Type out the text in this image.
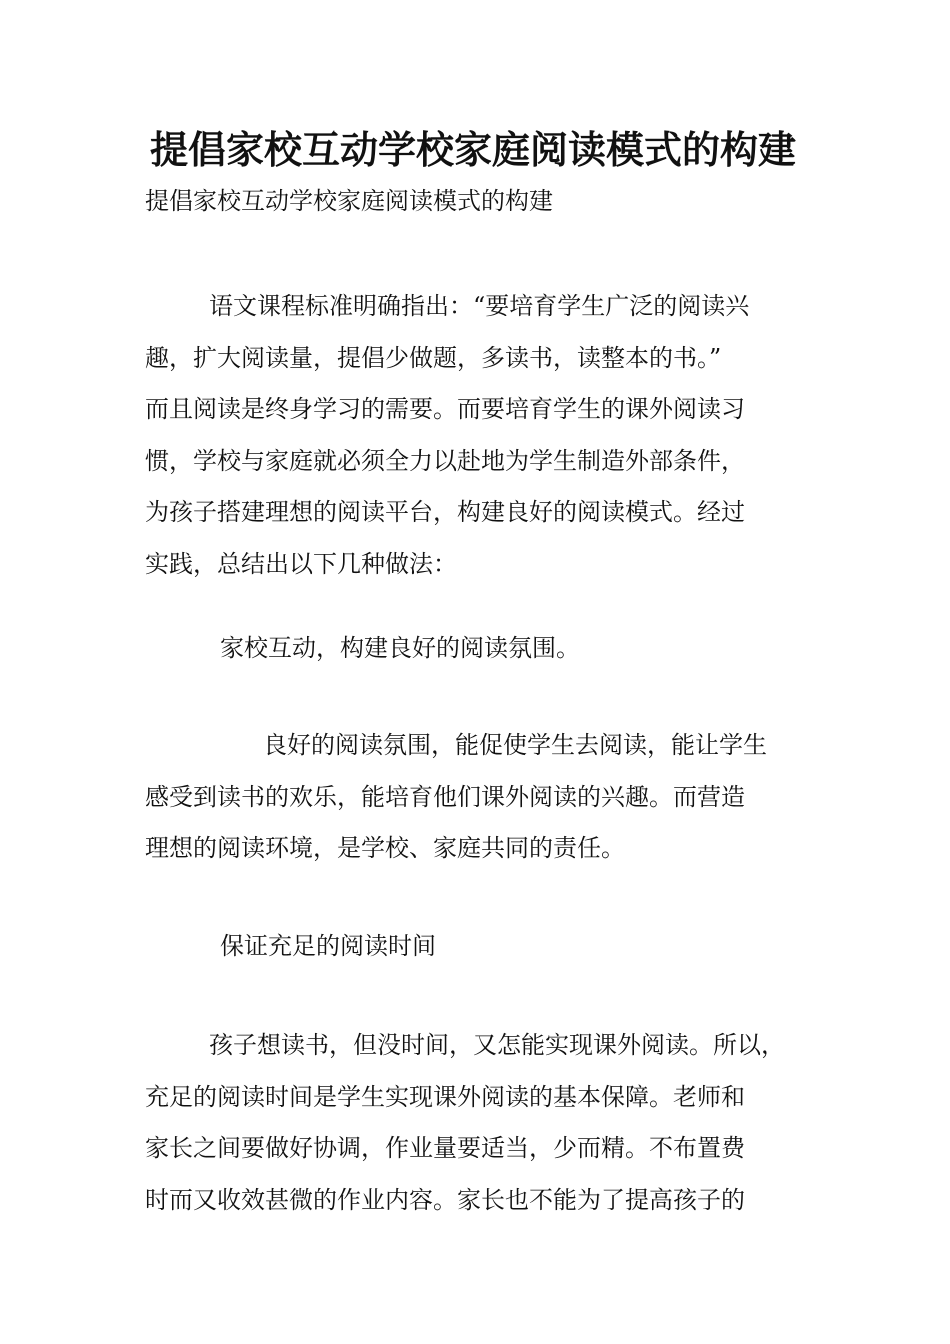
提倡家校互动学校家庭阅读模式的构建
提倡家校互动学校家庭阅读模式的构建
语文课程标准明确指出：“要培育学生广泛的阅读兴
趣，扩大阅读量，提倡少做题，多读书，读整本的书。”
而且阅读是终身学习的需要。而要培育学生的课外阅读习
惯，学校与家庭就必须全力以赴地为学生制造外部条件，
为孩子搭建理想的阅读平台，构建良好的阅读模式。经过
实践，总结出以下几种做法：
家校互动，构建良好的阅读氛围。
良好的阅读氛围，能促使学生去阅读，能让学生
感受到读书的欢乐，能培育他们课外阅读的兴趣。而营造
理想的阅读环境，是学校、家庭共同的责任。
保证充足的阅读时间
孩子想读书，但没时间，又怎能实现课外阅读。所以，
充足的阅读时间是学生实现课外阅读的基本保障。老师和
家长之间要做好协调，作业量要适当，少而精。不布置费
时而又收效甚微的作业内容。家长也不能为了提高孩子的
